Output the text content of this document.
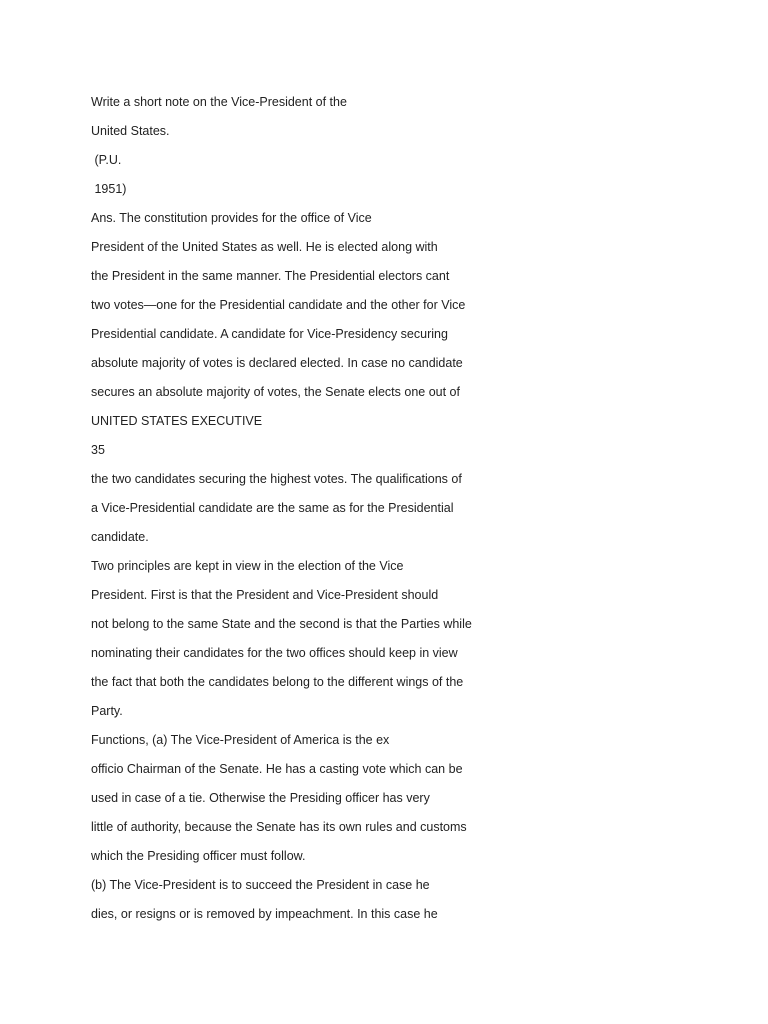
Write a short note on the Vice-President of the
United States.
(P.U.
1951)
Ans. The constitution provides for the office of Vice
President of the United States as well. He is elected along with
the President in the same manner. The Presidential electors cant
two votes—one for the Presidential candidate and the other for Vice
Presidential candidate. A candidate for Vice-Presidency securing
absolute majority of votes is declared elected. In case no candidate
secures an absolute majority of votes, the Senate elects one out of
UNITED STATES EXECUTIVE
35
the two candidates securing the highest votes. The qualifications of
a Vice-Presidential candidate are the same as for the Presidential
candidate.
Two principles are kept in view in the election of the Vice
President. First is that the President and Vice-President should
not belong to the same State and the second is that the Parties while
nominating their candidates for the two offices should keep in view
the fact that both the candidates belong to the different wings of the
Party.
Functions, (a) The Vice-President of America is the ex
officio Chairman of the Senate. He has a casting vote which can be
used in case of a tie. Otherwise the Presiding officer has very
little of authority, because the Senate has its own rules and customs
which the Presiding officer must follow.
(b) The Vice-President is to succeed the President in case he
dies, or resigns or is removed by impeachment. In this case he
